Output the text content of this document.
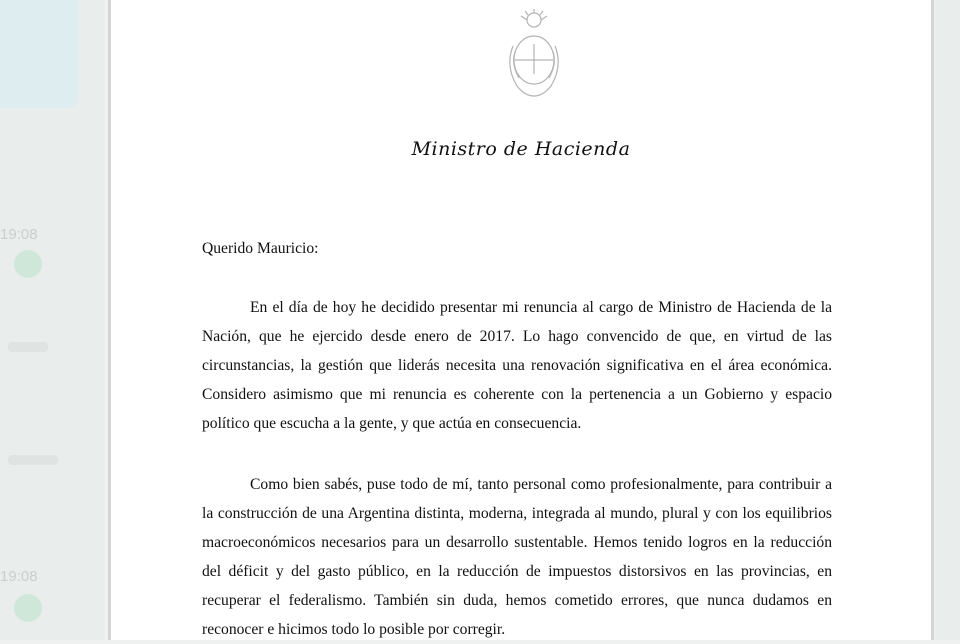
19:08
19:08
Ministro de Hacienda
Querido Mauricio:
En el día de hoy he decidido presentar mi renuncia al cargo de Ministro de Hacienda de la Nación, que he ejercido desde enero de 2017. Lo hago convencido de que, en virtud de las circunstancias, la gestión que liderás necesita una renovación significativa en el área económica. Considero asimismo que mi renuncia es coherente con la pertenencia a un Gobierno y espacio político que escucha a la gente, y que actúa en consecuencia.
Como bien sabés, puse todo de mí, tanto personal como profesionalmente, para contribuir a la construcción de una Argentina distinta, moderna, integrada al mundo, plural y con los equilibrios macroeconómicos necesarios para un desarrollo sustentable. Hemos tenido logros en la reducción del déficit y del gasto público, en la reducción de impuestos distorsivos en las provincias, en recuperar el federalismo. También sin duda, hemos cometido errores, que nunca dudamos en reconocer e hicimos todo lo posible por corregir.
